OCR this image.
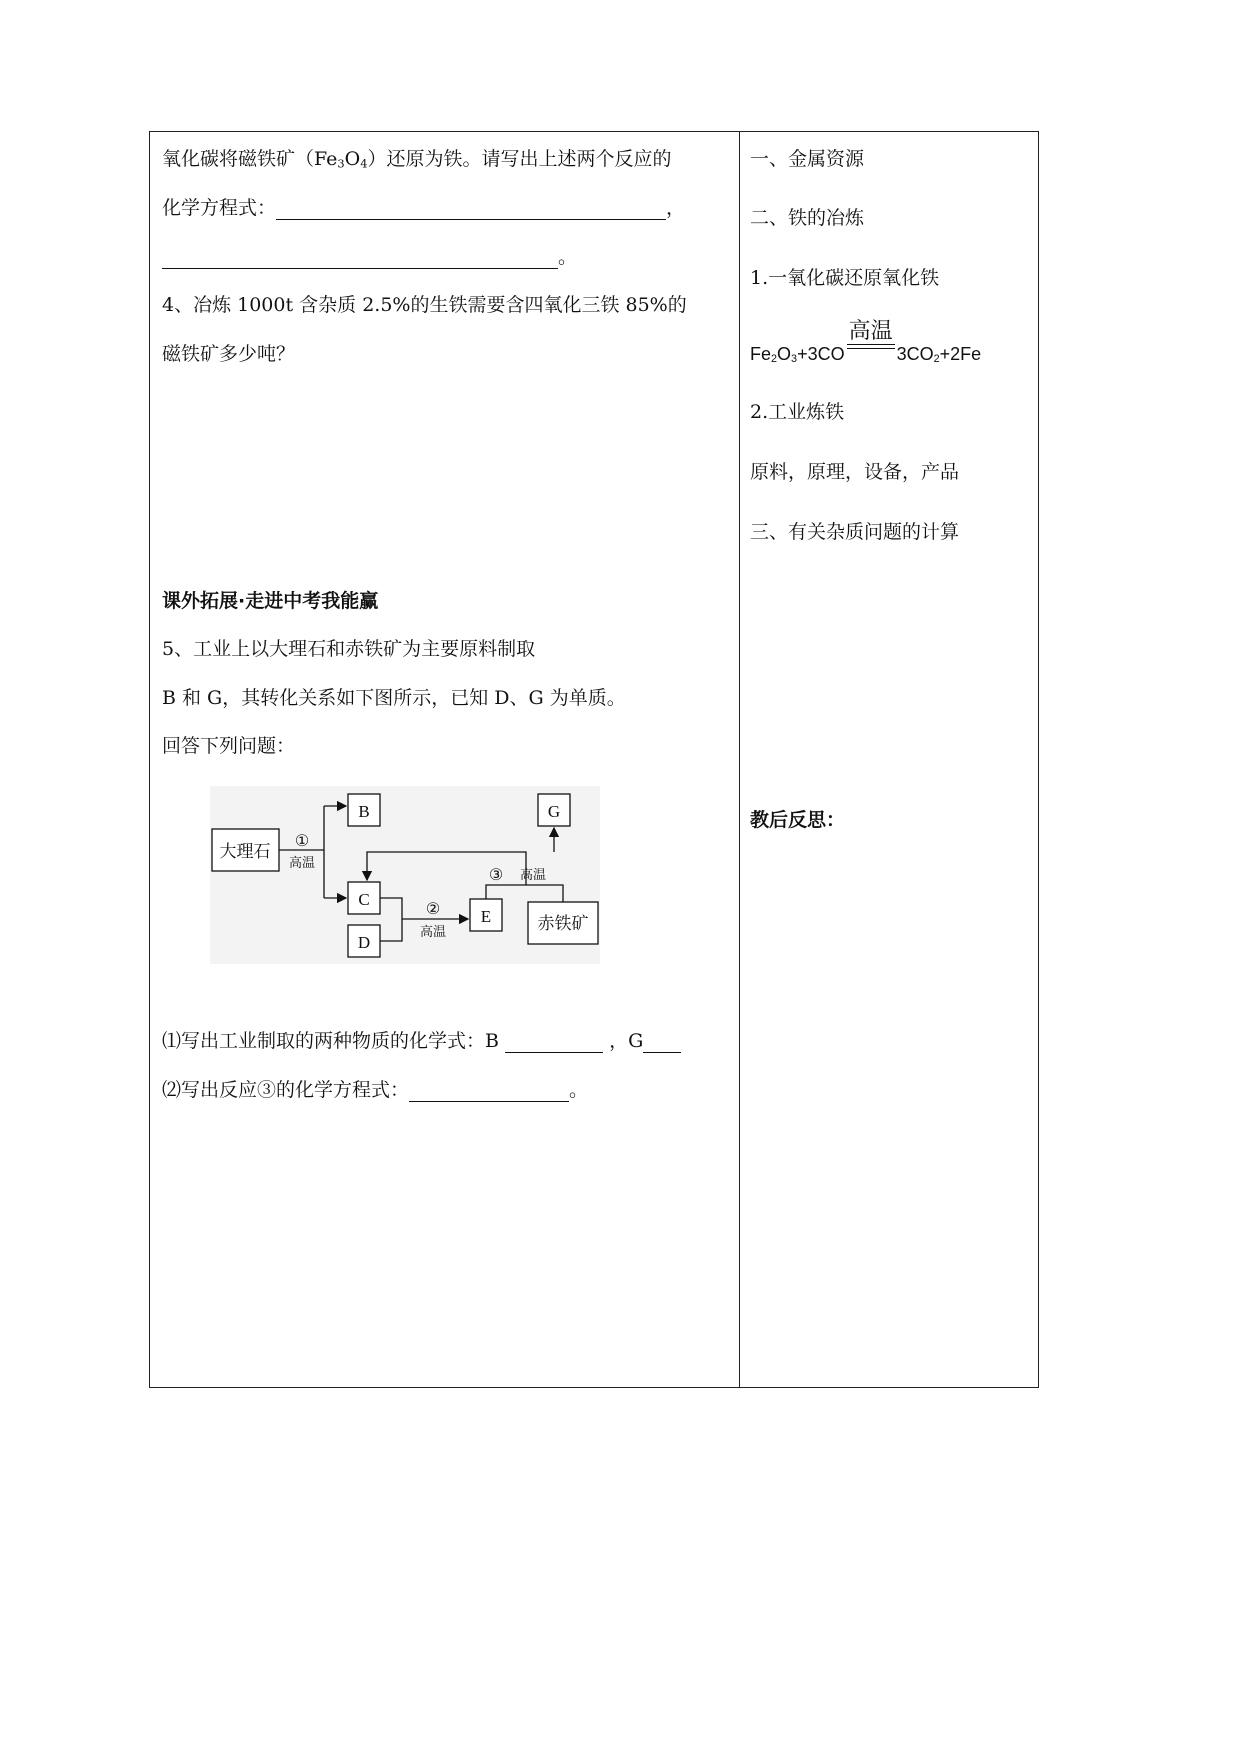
氧化碳将磁铁矿$(Fe_3O_4)$还原为铁。请写出上述两个反应的
化学方程式：	，
。
4、冶炼 1000t 含杂质 2.5%的生铁需要含四氧化三铁 85%的
磁铁矿多少吨？
课外拓展·走进中考我能赢
5、工业上以大理石和赤铁矿为主要原料制取
B 和 G，其转化关系如下图所示，已知 D、G 为单质。
回答下列问题：
大理石
B
C
D
E
G
赤铁矿
①
高温
②
高温
③ 高温
⑴写出工业制取的两种物质的化学式：B	，G
⑵写出反应③的化学方程式：	。
一、金属资源
二、铁的冶炼
1.一氧化碳还原氧化铁
$Fe_2O_3+3CO$
高温
$3CO_2+2Fe$
2.工业炼铁
原料，原理，设备，产品
三、有关杂质问题的计算
教后反思：
